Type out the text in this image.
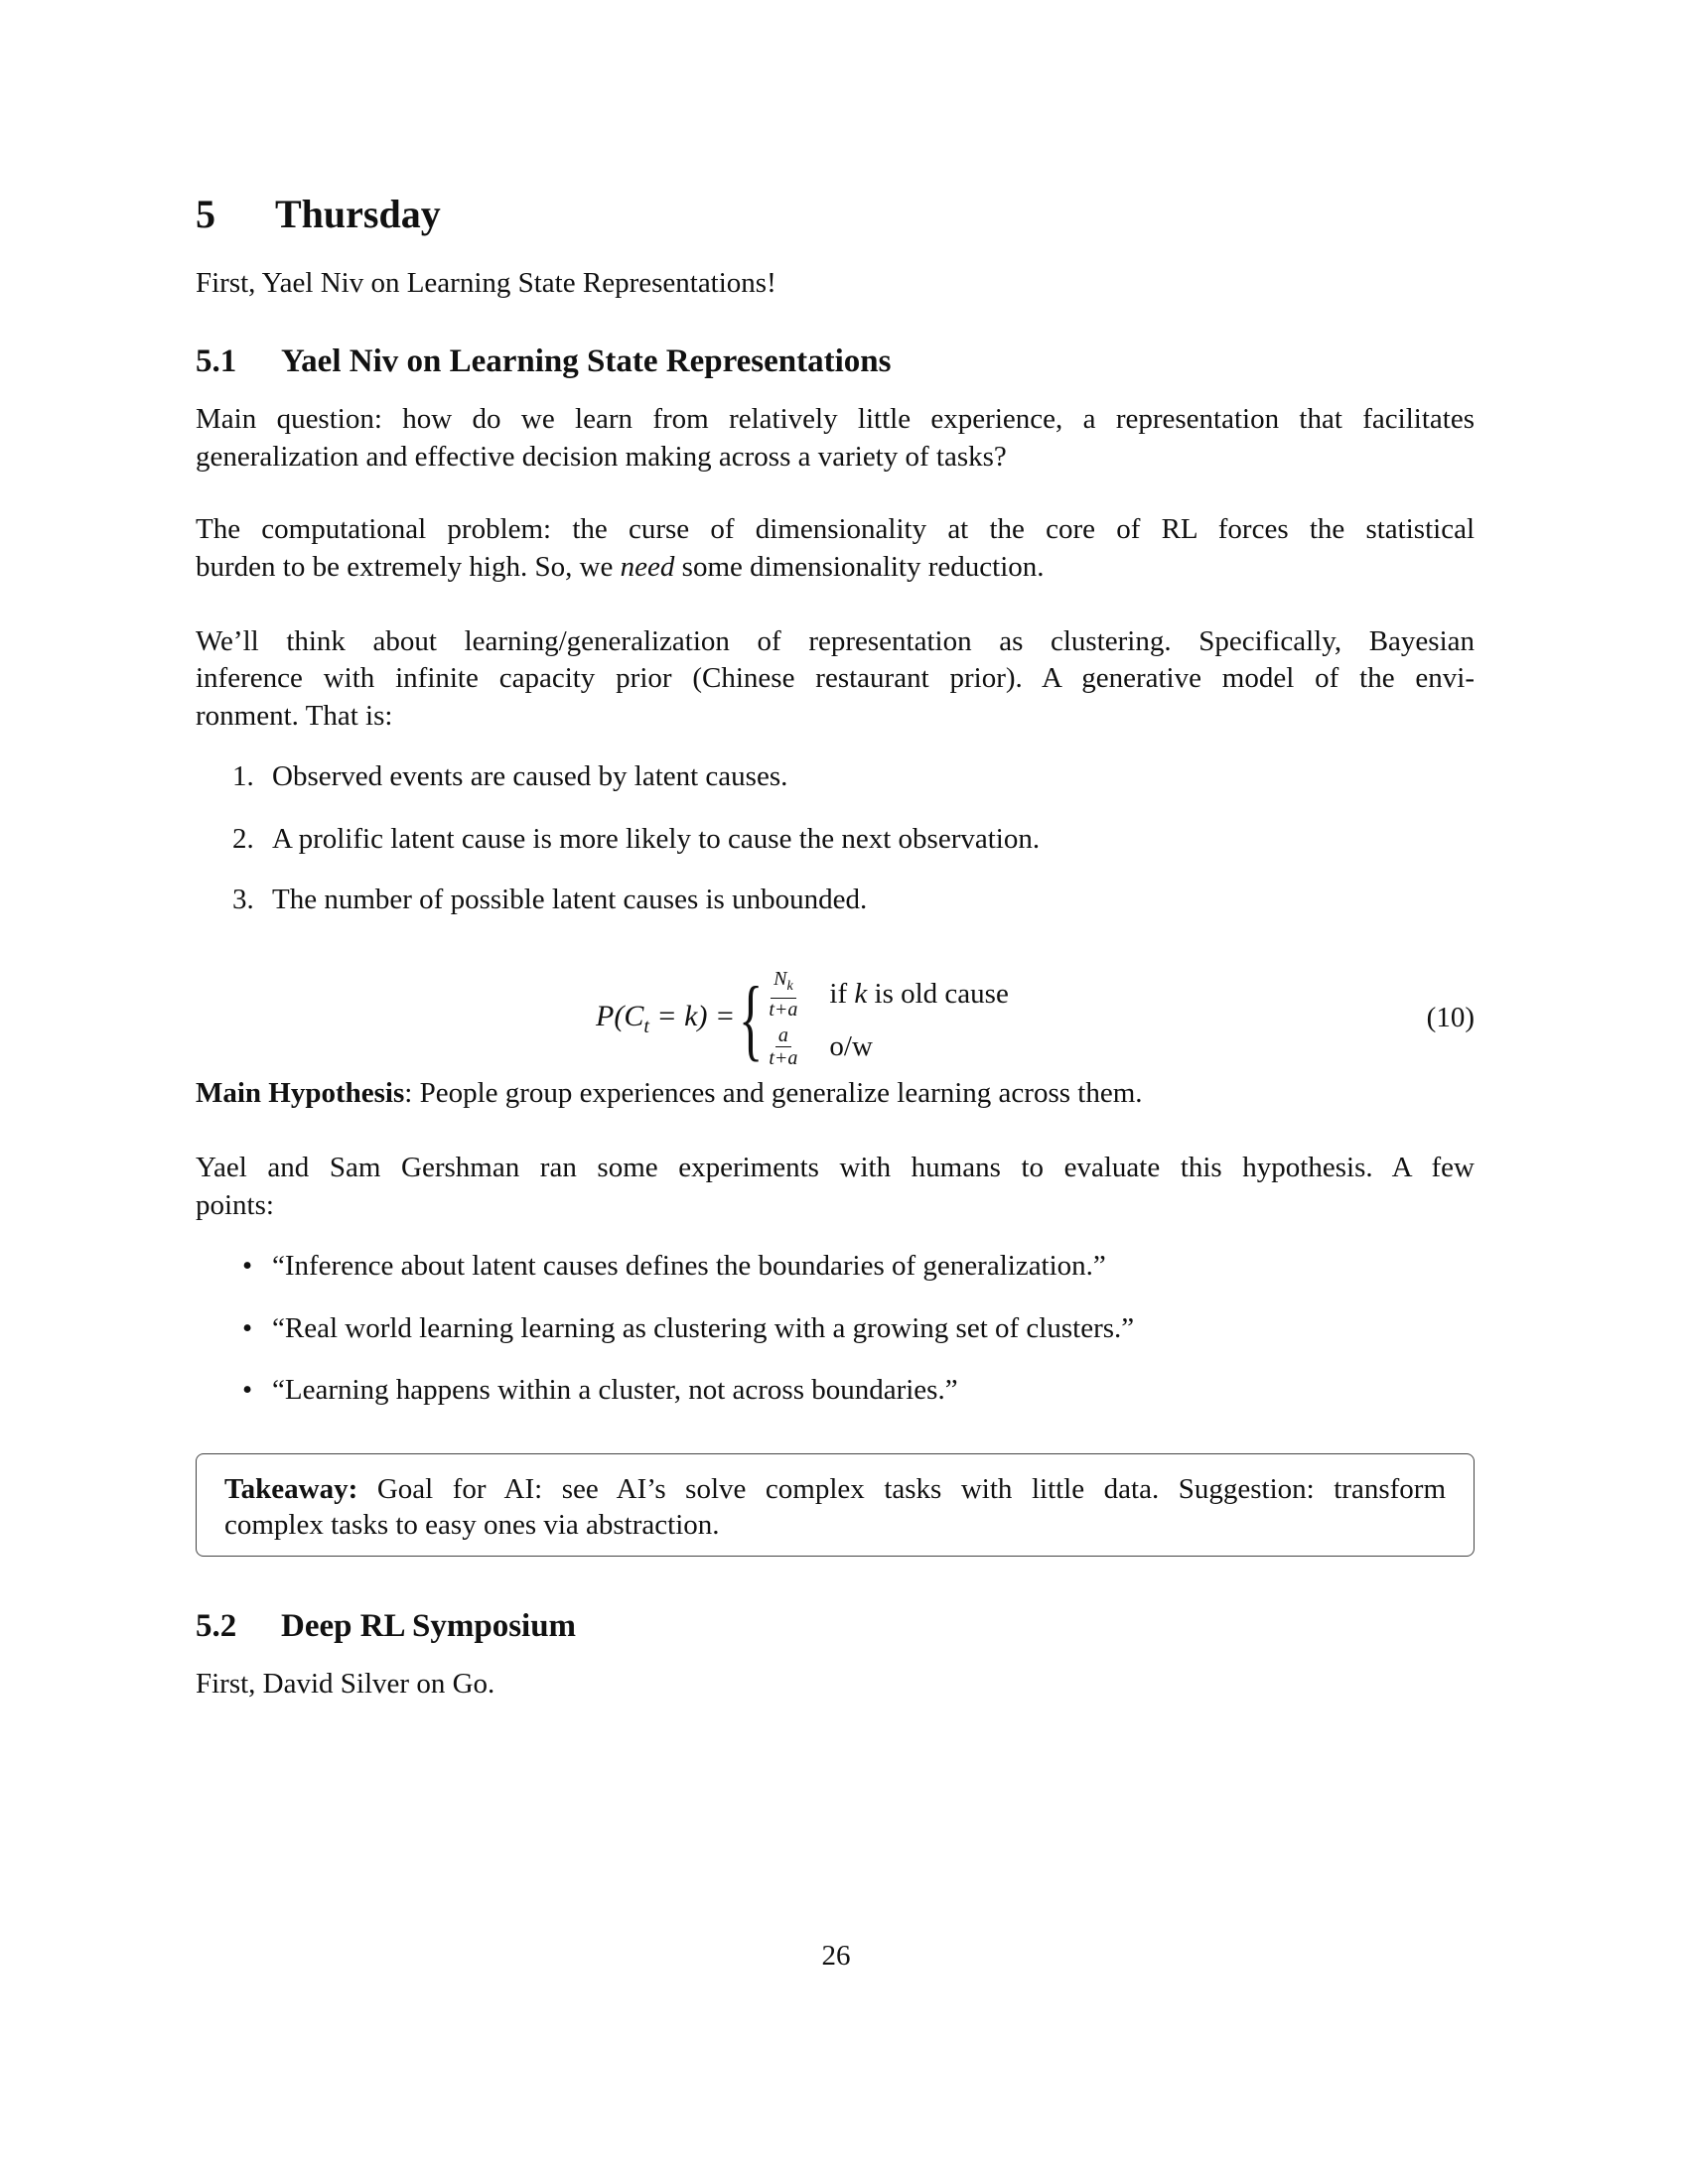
5 Thursday
First, Yael Niv on Learning State Representations!
5.1 Yael Niv on Learning State Representations
Main question: how do we learn from relatively little experience, a representation that facilitates
generalization and effective decision making across a variety of tasks?
The computational problem: the curse of dimensionality at the core of RL forces the statistical
burden to be extremely high. So, we need some dimensionality reduction.
We’ll think about learning/generalization of representation as clustering. Specifically, Bayesian
inference with infinite capacity prior (Chinese restaurant prior). A generative model of the envi-
ronment. That is:
1. Observed events are caused by latent causes.
2. A prolific latent cause is more likely to cause the next observation.
3. The number of possible latent causes is unbounded.
$P(C_t = k)$ = { $\frac{N_k}{t+a}$ if k is old cause
$\frac{a}{t+a} o/w$
(10)
Main Hypothesis: People group experiences and generalize learning across them.
Yael and Sam Gershman ran some experiments with humans to evaluate this hypothesis. A few
points:
• “Inference about latent causes defines the boundaries of generalization.”
• “Real world learning learning as clustering with a growing set of clusters.”
• “Learning happens within a cluster, not across boundaries.”
Takeaway: Goal for AI: see AI’s solve complex tasks with little data. Suggestion: transform
complex tasks to easy ones via abstraction.
5.2 Deep RL Symposium
First, David Silver on Go.
26
